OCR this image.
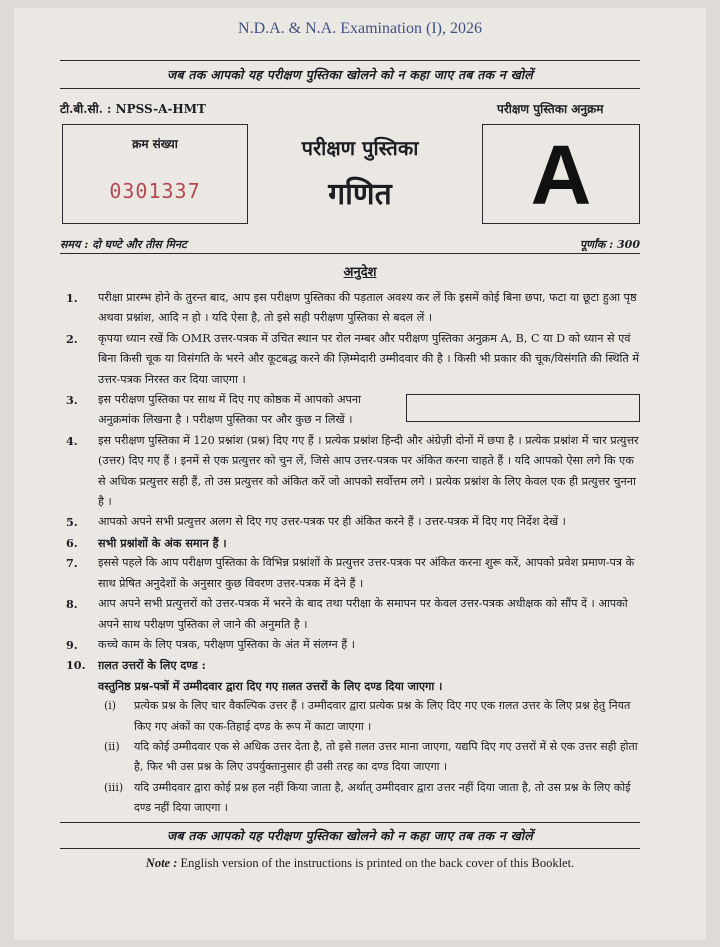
N.D.A. & N.A. Examination (I), 2026
जब तक आपको यह परीक्षण पुस्तिका खोलने को न कहा जाए तब तक न खोलें
टी.बी.सी. : NPSS-A-HMT	परीक्षण पुस्तिका अनुक्रम
क्रम संख्या
0301337
परीक्षण पुस्तिका
गणित	A
समय : दो घण्टे और तीस मिनट	पूर्णांक : 300
अनुदेश
1.	परीक्षा प्रारम्भ होने के तुरन्त बाद, आप इस परीक्षण पुस्तिका की पड़ताल अवश्य कर लें कि इसमें कोई बिना छपा, फटा या छूटा हुआ पृष्ठ अथवा प्रश्नांश, आदि न हो । यदि ऐसा है, तो इसे सही परीक्षण पुस्तिका से बदल लें ।
2.	कृपया ध्यान रखें कि OMR उत्तर-पत्रक में उचित स्थान पर रोल नम्बर और परीक्षण पुस्तिका अनुक्रम A, B, C या D को ध्यान से एवं बिना किसी चूक या विसंगति के भरने और कूटबद्ध करने की ज़िम्मेदारी उम्मीदवार की है । किसी भी प्रकार की चूक/विसंगति की स्थिति में उत्तर-पत्रक निरस्त कर दिया जाएगा ।
3.	इस परीक्षण पुस्तिका पर साथ में दिए गए कोष्ठक में आपको अपना अनुक्रमांक लिखना है । परीक्षण पुस्तिका पर और कुछ न लिखें ।
4.	इस परीक्षण पुस्तिका में 120 प्रश्नांश (प्रश्न) दिए गए हैं । प्रत्येक प्रश्नांश हिन्दी और अंग्रेज़ी दोनों में छपा है । प्रत्येक प्रश्नांश में चार प्रत्युत्तर (उत्तर) दिए गए हैं । इनमें से एक प्रत्युत्तर को चुन लें, जिसे आप उत्तर-पत्रक पर अंकित करना चाहते हैं । यदि आपको ऐसा लगे कि एक से अधिक प्रत्युत्तर सही हैं, तो उस प्रत्युत्तर को अंकित करें जो आपको सर्वोत्तम लगे । प्रत्येक प्रश्नांश के लिए केवल एक ही प्रत्युत्तर चुनना है ।
5.	आपको अपने सभी प्रत्युत्तर अलग से दिए गए उत्तर-पत्रक पर ही अंकित करने हैं । उत्तर-पत्रक में दिए गए निर्देश देखें ।
6.	सभी प्रश्नांशों के अंक समान हैं ।
7.	इससे पहले कि आप परीक्षण पुस्तिका के विभिन्न प्रश्नांशों के प्रत्युत्तर उत्तर-पत्रक पर अंकित करना शुरू करें, आपको प्रवेश प्रमाण-पत्र के साथ प्रेषित अनुदेशों के अनुसार कुछ विवरण उत्तर-पत्रक में देने हैं ।
8.	आप अपने सभी प्रत्युत्तरों को उत्तर-पत्रक में भरने के बाद तथा परीक्षा के समापन पर केवल उत्तर-पत्रक अधीक्षक को सौंप दें । आपको अपने साथ परीक्षण पुस्तिका ले जाने की अनुमति है ।
9.	कच्चे काम के लिए पत्रक, परीक्षण पुस्तिका के अंत में संलग्न हैं ।
10. ग़लत उत्तरों के लिए दण्ड :
वस्तुनिष्ठ प्रश्न-पत्रों में उम्मीदवार द्वारा दिए गए ग़लत उत्तरों के लिए दण्ड दिया जाएगा ।
(i)	प्रत्येक प्रश्न के लिए चार वैकल्पिक उत्तर हैं । उम्मीदवार द्वारा प्रत्येक प्रश्न के लिए दिए गए एक ग़लत उत्तर के लिए प्रश्न हेतु नियत किए गए अंकों का एक-तिहाई दण्ड के रूप में काटा जाएगा ।
(ii)	यदि कोई उम्मीदवार एक से अधिक उत्तर देता है, तो इसे ग़लत उत्तर माना जाएगा, यद्यपि दिए गए उत्तरों में से एक उत्तर सही होता है, फिर भी उस प्रश्न के लिए उपर्युक्तानुसार ही उसी तरह का दण्ड दिया जाएगा ।
(iii) यदि उम्मीदवार द्वारा कोई प्रश्न हल नहीं किया जाता है, अर्थात् उम्मीदवार द्वारा उत्तर नहीं दिया जाता है, तो उस प्रश्न के लिए कोई दण्ड नहीं दिया जाएगा ।
जब तक आपको यह परीक्षण पुस्तिका खोलने को न कहा जाए तब तक न खोलें
Note : English version of the instructions is printed on the back cover of this Booklet.
